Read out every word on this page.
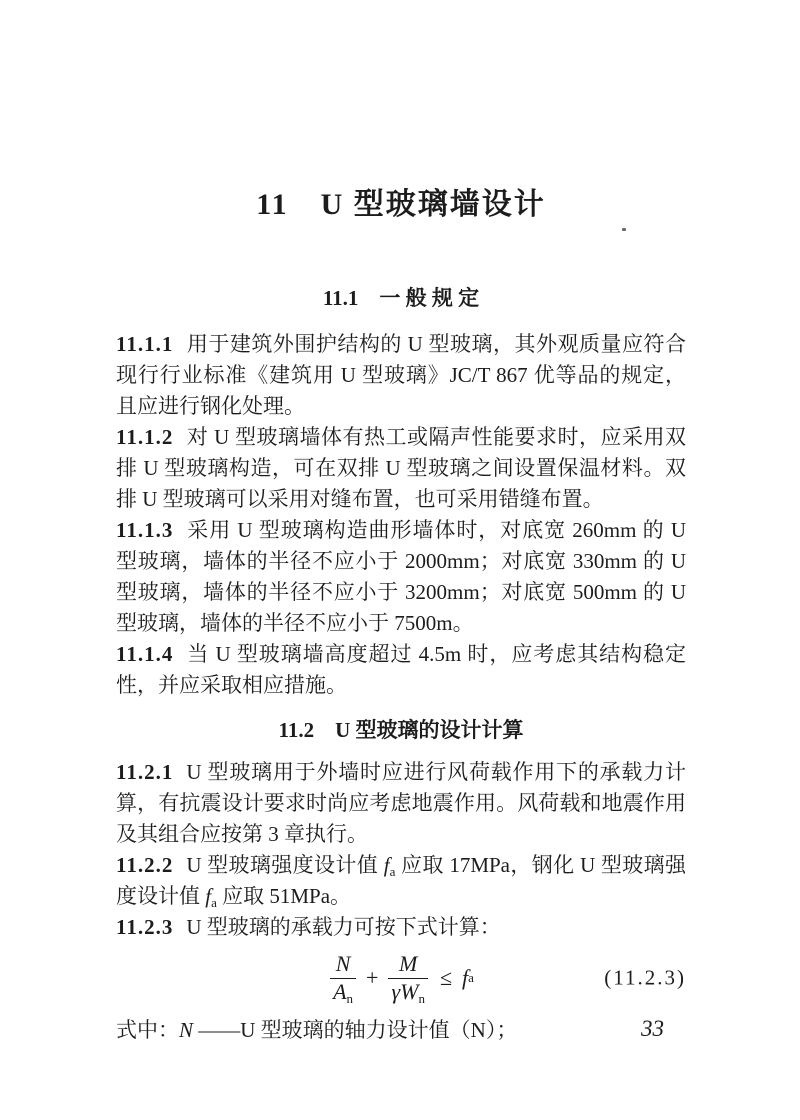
11　U 型玻璃墙设计
11.1　一 般 规 定

11.1.1 用于建筑外围护结构的 U 型玻璃，其外观质量应符合现行行业标准《建筑用 U 型玻璃》JC/T 867 优等品的规定，且应进行钢化处理。

11.1.2 对 U 型玻璃墙体有热工或隔声性能要求时，应采用双排 U 型玻璃构造，可在双排 U 型玻璃之间设置保温材料。双排 U 型玻璃可以采用对缝布置，也可采用错缝布置。

11.1.3 采用 U 型玻璃构造曲形墙体时，对底宽 260mm 的 U 型玻璃，墙体的半径不应小于 2000mm；对底宽 330mm 的 U 型玻璃，墙体的半径不应小于 3200mm；对底宽 500mm 的 U 型玻璃，墙体的半径不应小于 7500m。

11.1.4 当 U 型玻璃墙高度超过 4.5m 时，应考虑其结构稳定性，并应采取相应措施。

11.2　U 型玻璃的设计计算

11.2.1 U 型玻璃用于外墙时应进行风荷载作用下的承载力计算，有抗震设计要求时尚应考虑地震作用。风荷载和地震作用及其组合应按第 3 章执行。

11.2.2 U 型玻璃强度设计值 $f_a$ 应取 17MPa，钢化 U 型玻璃强度设计值 $f_a$ 应取 51MPa。

11.2.3 U 型玻璃的承载力可按下式计算：

$\frac{N}{A_n} + \frac{M}{\gamma W_n} \le f$ a	(11.2.3)

式中：N ——U 型玻璃的轴力设计值（N）；	33
